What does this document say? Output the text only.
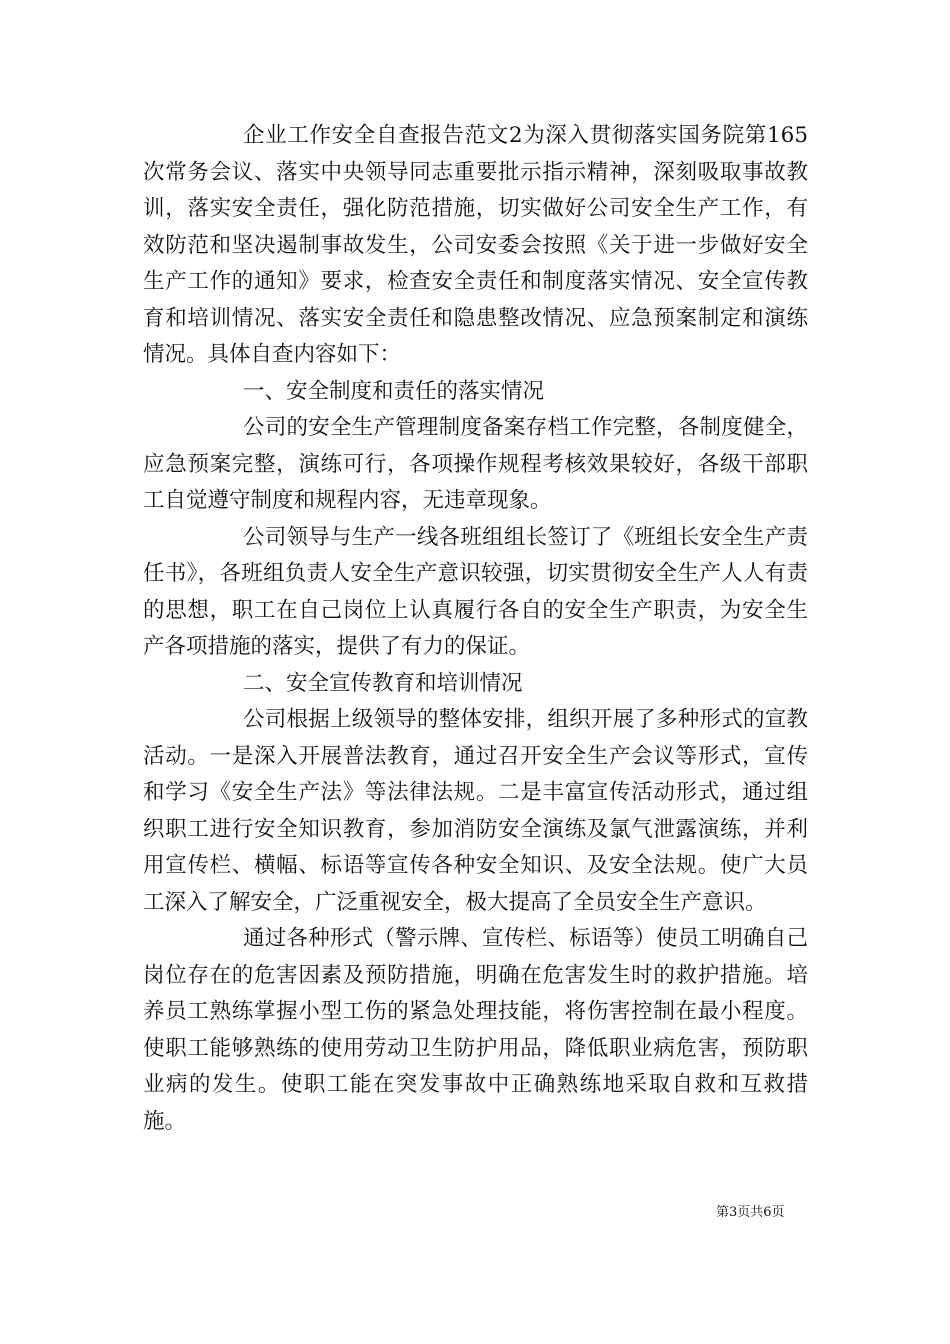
企业工作安全自查报告范文2为深入贯彻落实国务院第165次常务会议、落实中央领导同志重要批示指示精神，深刻吸取事故教训，落实安全责任，强化防范措施，切实做好公司安全生产工作，有效防范和坚决遏制事故发生，公司安委会按照《关于进一步做好安全生产工作的通知》要求，检查安全责任和制度落实情况、安全宣传教育和培训情况、落实安全责任和隐患整改情况、应急预案制定和演练情况。具体自查内容如下：

一、安全制度和责任的落实情况

公司的安全生产管理制度备案存档工作完整，各制度健全，应急预案完整，演练可行，各项操作规程考核效果较好，各级干部职工自觉遵守制度和规程内容，无违章现象。

公司领导与生产一线各班组组长签订了《班组长安全生产责任书》，各班组负责人安全生产意识较强，切实贯彻安全生产人人有责的思想，职工在自己岗位上认真履行各自的安全生产职责，为安全生产各项措施的落实，提供了有力的保证。

二、安全宣传教育和培训情况

公司根据上级领导的整体安排，组织开展了多种形式的宣教活动。一是深入开展普法教育，通过召开安全生产会议等形式，宣传和学习《安全生产法》等法律法规。二是丰富宣传活动形式，通过组织职工进行安全知识教育，参加消防安全演练及氯气泄露演练，并利用宣传栏、横幅、标语等宣传各种安全知识、及安全法规。使广大员工深入了解安全，广泛重视安全，极大提高了全员安全生产意识。

通过各种形式（警示牌、宣传栏、标语等）使员工明确自己岗位存在的危害因素及预防措施，明确在危害发生时的救护措施。培养员工熟练掌握小型工伤的紧急处理技能，将伤害控制在最小程度。使职工能够熟练的使用劳动卫生防护用品，降低职业病危害，预防职业病的发生。使职工能在突发事故中正确熟练地采取自救和互救措施。

第3页共6页
